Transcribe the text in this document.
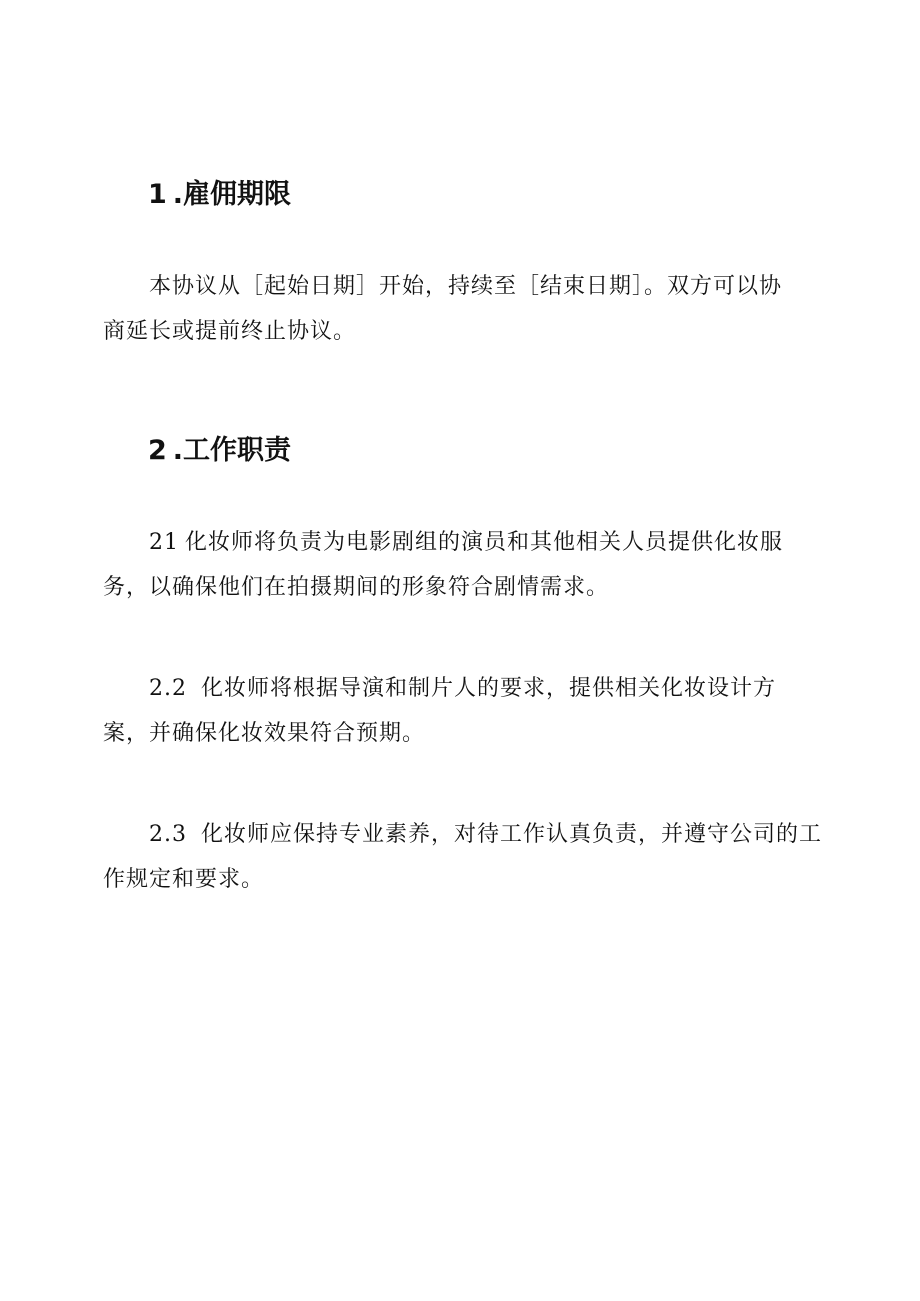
1 .雇佣期限
本协议从［起始日期］开始，持续至［结束日期］。双方可以协
商延长或提前终止协议。
2 .工作职责
21 化妆师将负责为电影剧组的演员和其他相关人员提供化妆服
务，以确保他们在拍摄期间的形象符合剧情需求。
2.2 化妆师将根据导演和制片人的要求，提供相关化妆设计方
案，并确保化妆效果符合预期。
2.3 化妆师应保持专业素养，对待工作认真负责，并遵守公司的工
作规定和要求。
